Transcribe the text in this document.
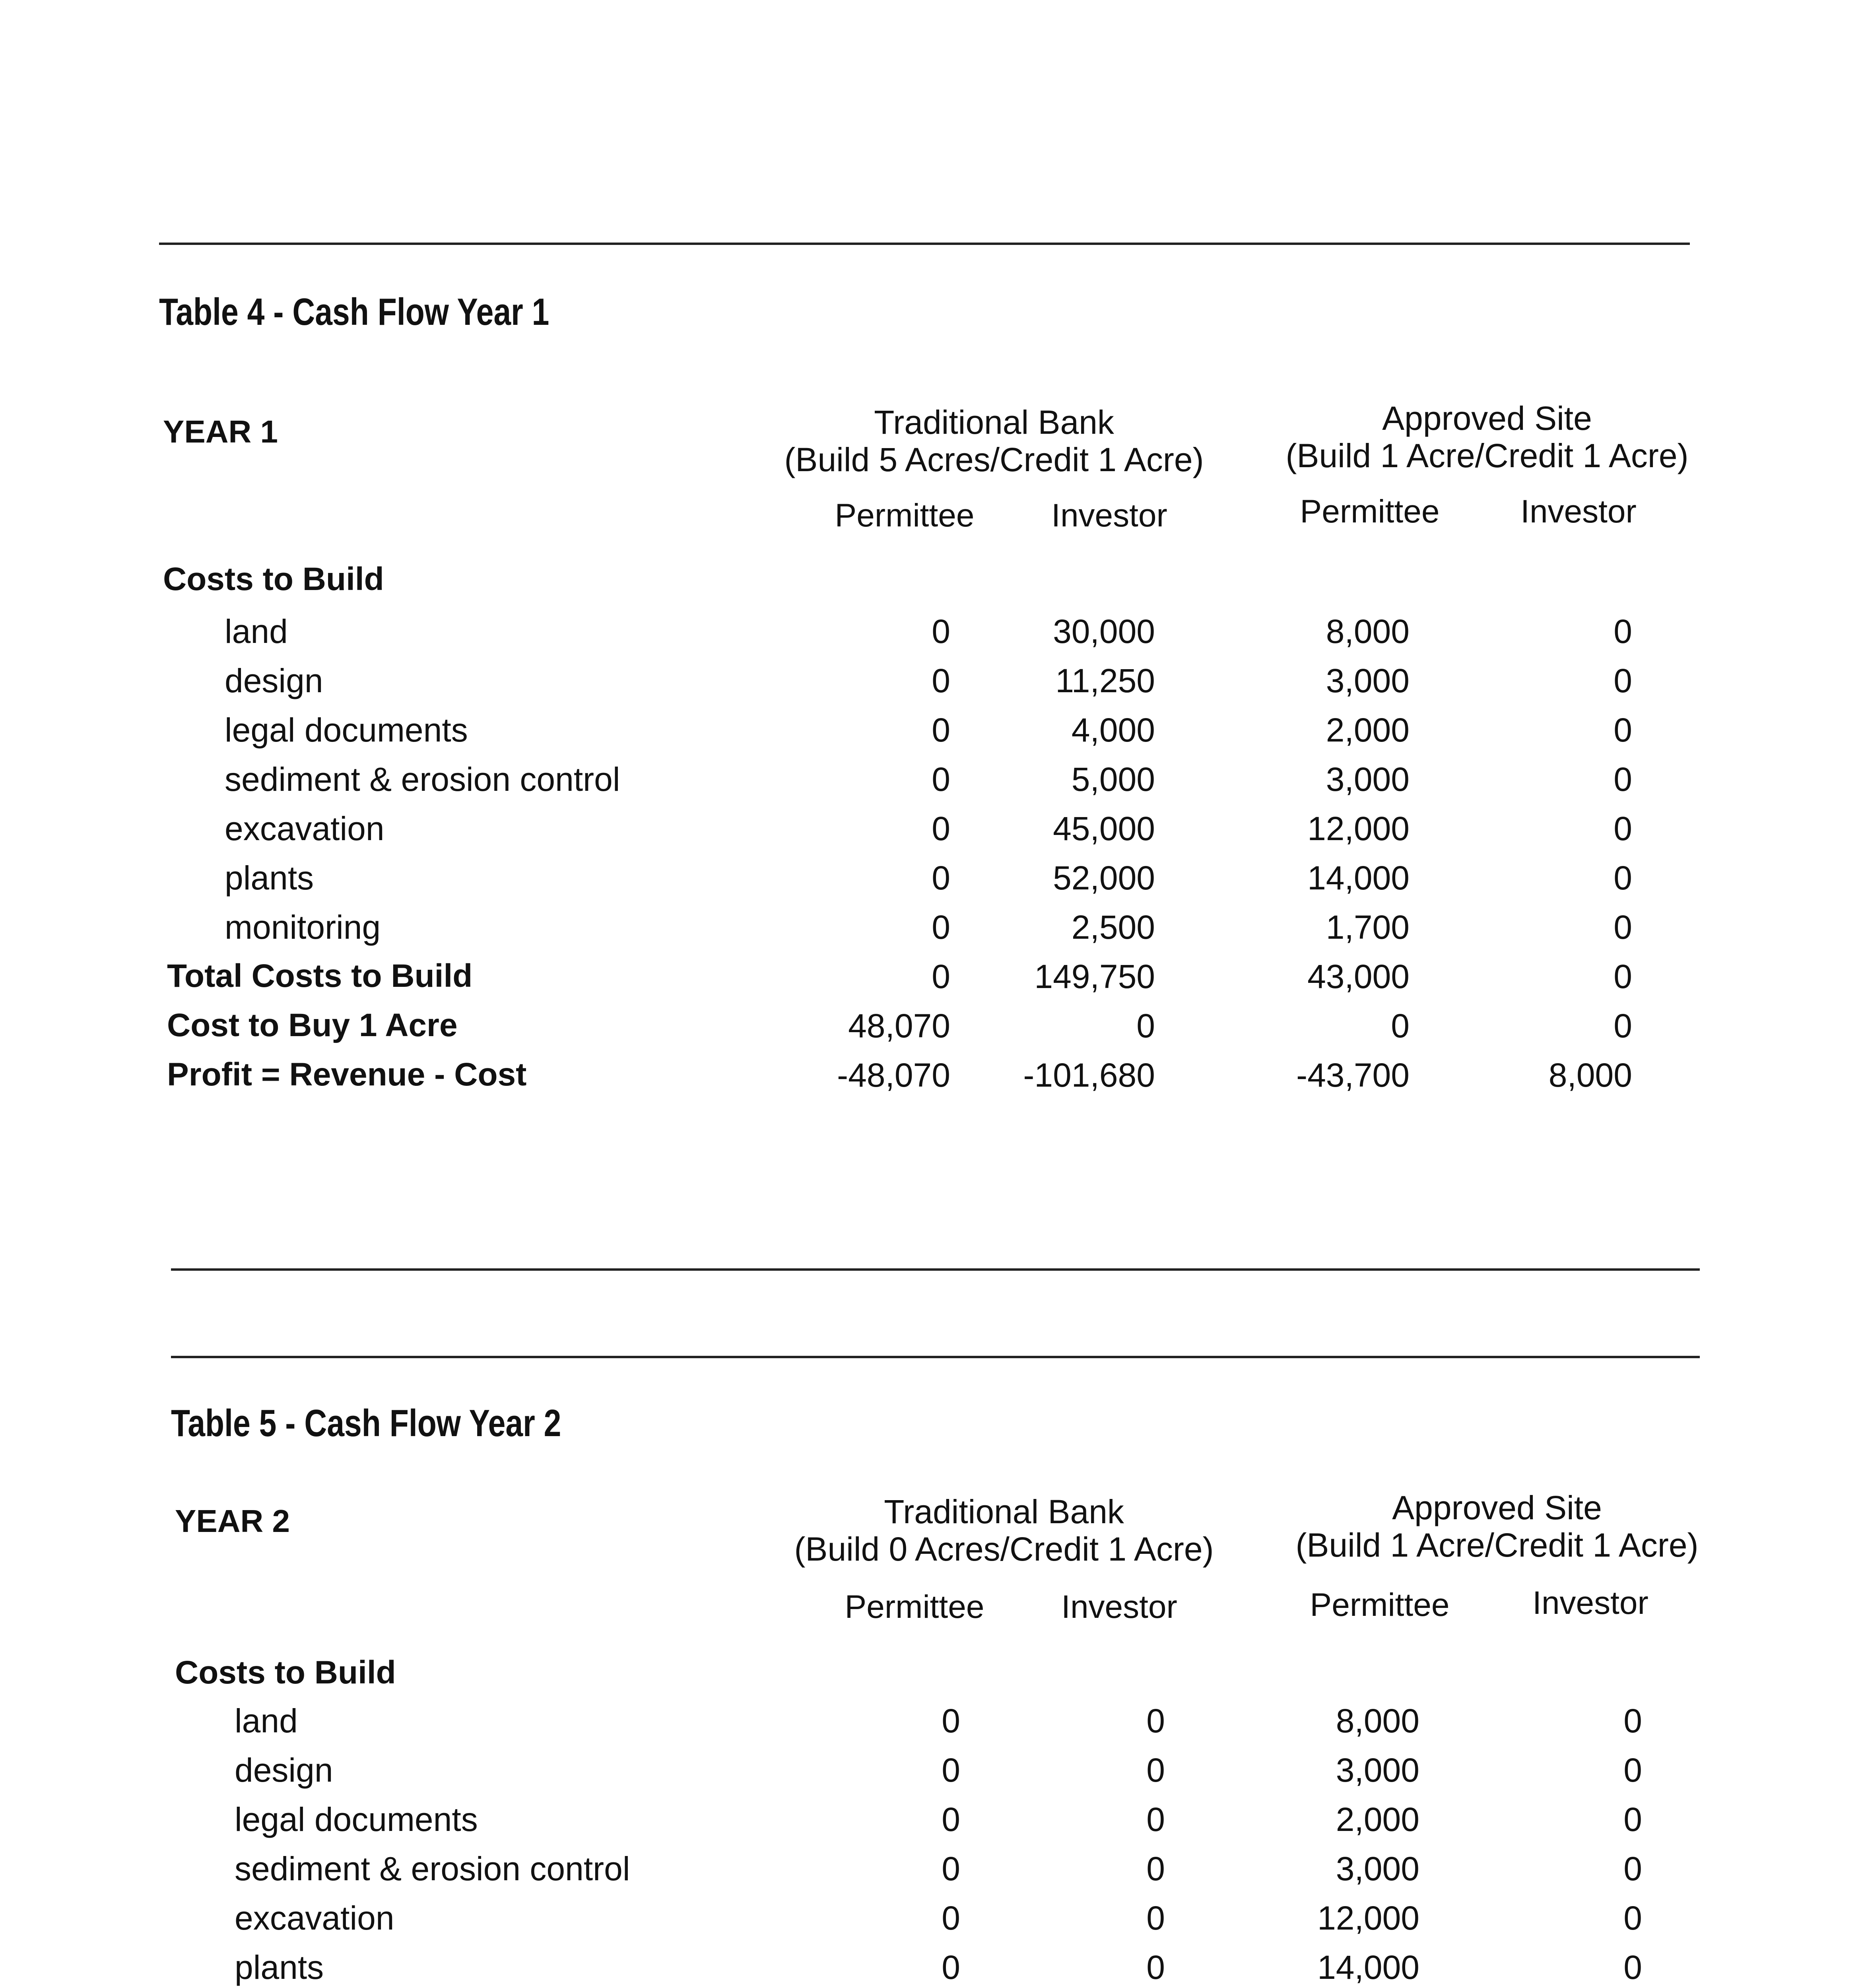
Table 4 - Cash Flow Year 1
YEAR 1	Traditional Bank
(Build 5 Acres/Credit 1 Acre)
Approved Site
(Build 1 Acre/Credit 1 Acre)
Permittee	Investor	Permittee	Investor
Costs to Build
land	0	30,000	8,000	0
design	0	11,250	3,000	0
legal documents	0	4,000	2,000	0
sediment & erosion control	0	5,000	3,000	0
excavation	0	45,000	12,000	0
plants	0	52,000	14,000	0
monitoring	0	2,500	1,700	0
Total Costs to Build	0	149,750	43,000	0
Cost to Buy 1 Acre	48,070	0	0	0
Profit = Revenue - Cost	-48,070	-101,680	-43,700	8,000
Table 5 - Cash Flow Year 2
YEAR 2	Traditional Bank
(Build 0 Acres/Credit 1 Acre)
Approved Site
(Build 1 Acre/Credit 1 Acre)
Permittee	Investor	Permittee	Investor
Costs to Build
land	0	0	8,000	0
design	0	0	3,000	0
legal documents	0	0	2,000	0
sediment & erosion control	0	0	3,000	0
excavation	0	0	12,000	0
plants	0	0	14,000	0
